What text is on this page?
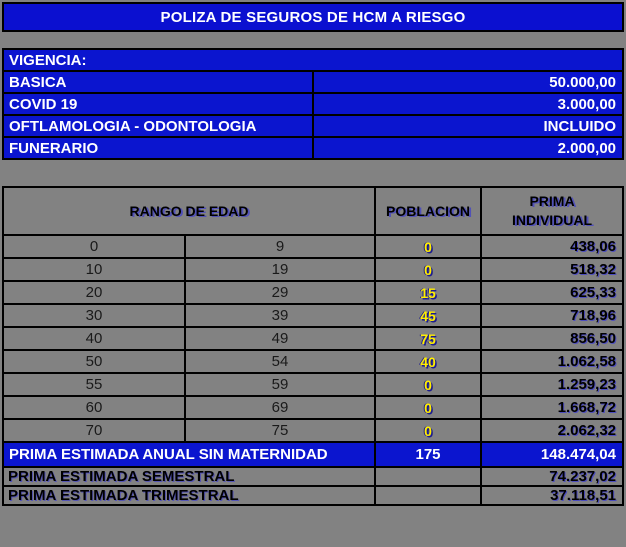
POLIZA DE SEGUROS DE HCM A RIESGO
VIGENCIA:	
BASICA	50.000,00
COVID 19	3.000,00
OFTLAMOLOGIA - ODONTOLOGIA	INCLUIDO
FUNERARIO	2.000,00
RANGO DE EDAD		POBLACION	PRIMA
INDIVIDUAL

0	9	0	438,06
10	19	0	518,32
20	29	15	625,33
30	39	45	718,96
40	49	75	856,50
50	54	40	1.062,58
55	59	0	1.259,23
60	69	0	1.668,72
70	75	0	2.062,32
PRIMA ESTIMADA ANUAL SIN MATERNIDAD		175	148.474,04
PRIMA ESTIMADA SEMESTRAL			74.237,02
PRIMA ESTIMADA TRIMESTRAL			37.118,51
